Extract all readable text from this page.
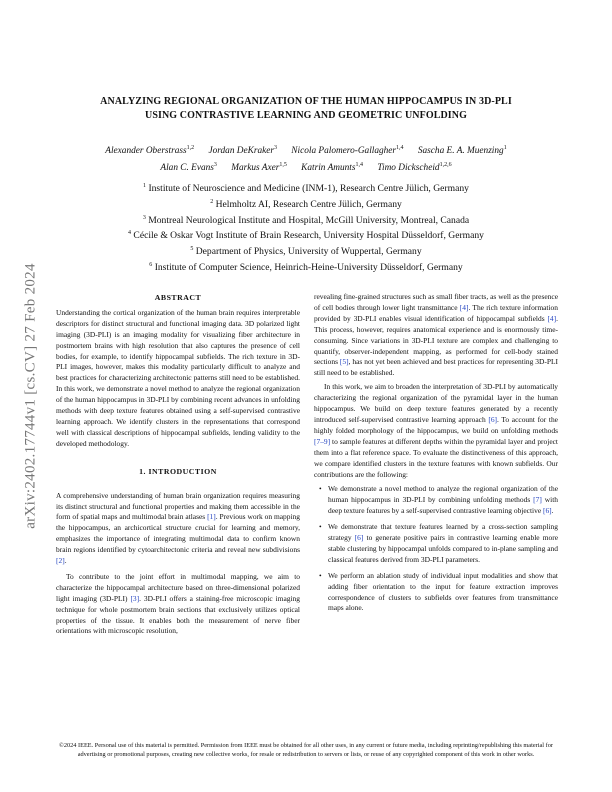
arXiv:2402.17744v1 [cs.CV] 27 Feb 2024
ANALYZING REGIONAL ORGANIZATION OF THE HUMAN HIPPOCAMPUS IN 3D-PLI
USING CONTRASTIVE LEARNING AND GEOMETRIC UNFOLDING
Alexander Oberstrass$^{1,2}$ Jordan DeKraker$^3$ Nicola Palomero-Gallagher$^{1,4}$ Sascha E. A. Muenzing$^1$
Alan C. Evans$^3$ Markus Axer$^{1,5}$ Katrin Amunts$^{1,4}$ Timo Dickscheid$^{1,2,6}$
$^1$ Institute of Neuroscience and Medicine (INM-1), Research Centre Jülich, Germany
$^2$ Helmholtz AI, Research Centre Jülich, Germany
$^3$ Montreal Neurological Institute and Hospital, McGill University, Montreal, Canada
$^4$ Cécile & Oskar Vogt Institute of Brain Research, University Hospital Düsseldorf, Germany
$^5$ Department of Physics, University of Wuppertal, Germany
$^6$ Institute of Computer Science, Heinrich-Heine-University Düsseldorf, Germany
ABSTRACT

Understanding the cortical organization of the human brain requires interpretable descriptors for distinct structural and functional imaging data. 3D polarized light imaging (3D-PLI) is an imaging modality for visualizing fiber architecture in postmortem brains with high resolution that also captures the presence of cell bodies, for example, to identify hippocampal subfields. The rich texture in 3D-PLI images, however, makes this modality particularly difficult to analyze and best practices for characterizing architectonic patterns still need to be established. In this work, we demonstrate a novel method to analyze the regional organization of the human hippocampus in 3D-PLI by combining recent advances in unfolding methods with deep texture features obtained using a self-supervised contrastive learning approach. We identify clusters in the representations that correspond well with classical descriptions of hippocampal subfields, lending validity to the developed methodology.

1. INTRODUCTION

A comprehensive understanding of human brain organization requires measuring its distinct structural and functional properties and making them accessible in the form of spatial maps and multimodal brain atlases [1]. Previous work on mapping the hippocampus, an archicortical structure crucial for learning and memory, emphasizes the importance of integrating multimodal data to confirm known brain regions identified by cytoarchitectonic criteria and reveal new subdivisions [2].

To contribute to the joint effort in multimodal mapping, we aim to characterize the hippocampal architecture based on three-dimensional polarized light imaging (3D-PLI) [3]. 3D-PLI offers a staining-free microscopic imaging technique for whole postmortem brain sections that exclusively utilizes optical properties of the tissue. It enables both the measurement of nerve fiber orientations with microscopic resolution,

revealing fine-grained structures such as small fiber tracts, as well as the presence of cell bodies through lower light transmittance [4]. The rich texture information provided by 3D-PLI enables visual identification of hippocampal subfields [4]. This process, however, requires anatomical experience and is enormously time-consuming. Since variations in 3D-PLI texture are complex and challenging to quantify, observer-independent mapping, as performed for cell-body stained sections [5], has not yet been achieved and best practices for representing 3D-PLI still need to be established.

In this work, we aim to broaden the interpretation of 3D-PLI by automatically characterizing the regional organization of the pyramidal layer in the human hippocampus. We build on deep texture features generated by a recently introduced self-supervised contrastive learning approach [6]. To account for the highly folded morphology of the hippocampus, we build on unfolding methods [7–9] to sample features at different depths within the pyramidal layer and project them into a flat reference space. To evaluate the distinctiveness of this approach, we compare identified clusters in the texture features with known subfields. Our contributions are the following:

• We demonstrate a novel method to analyze the regional organization of the human hippocampus in 3D-PLI by combining unfolding methods [7] with deep texture features by a self-supervised contrastive learning objective [6].
• We demonstrate that texture features learned by a cross-section sampling strategy [6] to generate positive pairs in contrastive learning enable more stable clustering by hippocampal unfolds compared to in-plane sampling and classical features derived from 3D-PLI parameters.
• We perform an ablation study of individual input modalities and show that adding fiber orientation to the input for feature extraction improves correspondence of clusters to subfields over features from transmittance maps alone.
©2024 IEEE. Personal use of this material is permitted. Permission from IEEE must be obtained for all other uses, in any current or future media, including reprinting/republishing this material for advertising or promotional purposes, creating new collective works, for resale or redistribution to servers or lists, or reuse of any copyrighted component of this work in other works.
